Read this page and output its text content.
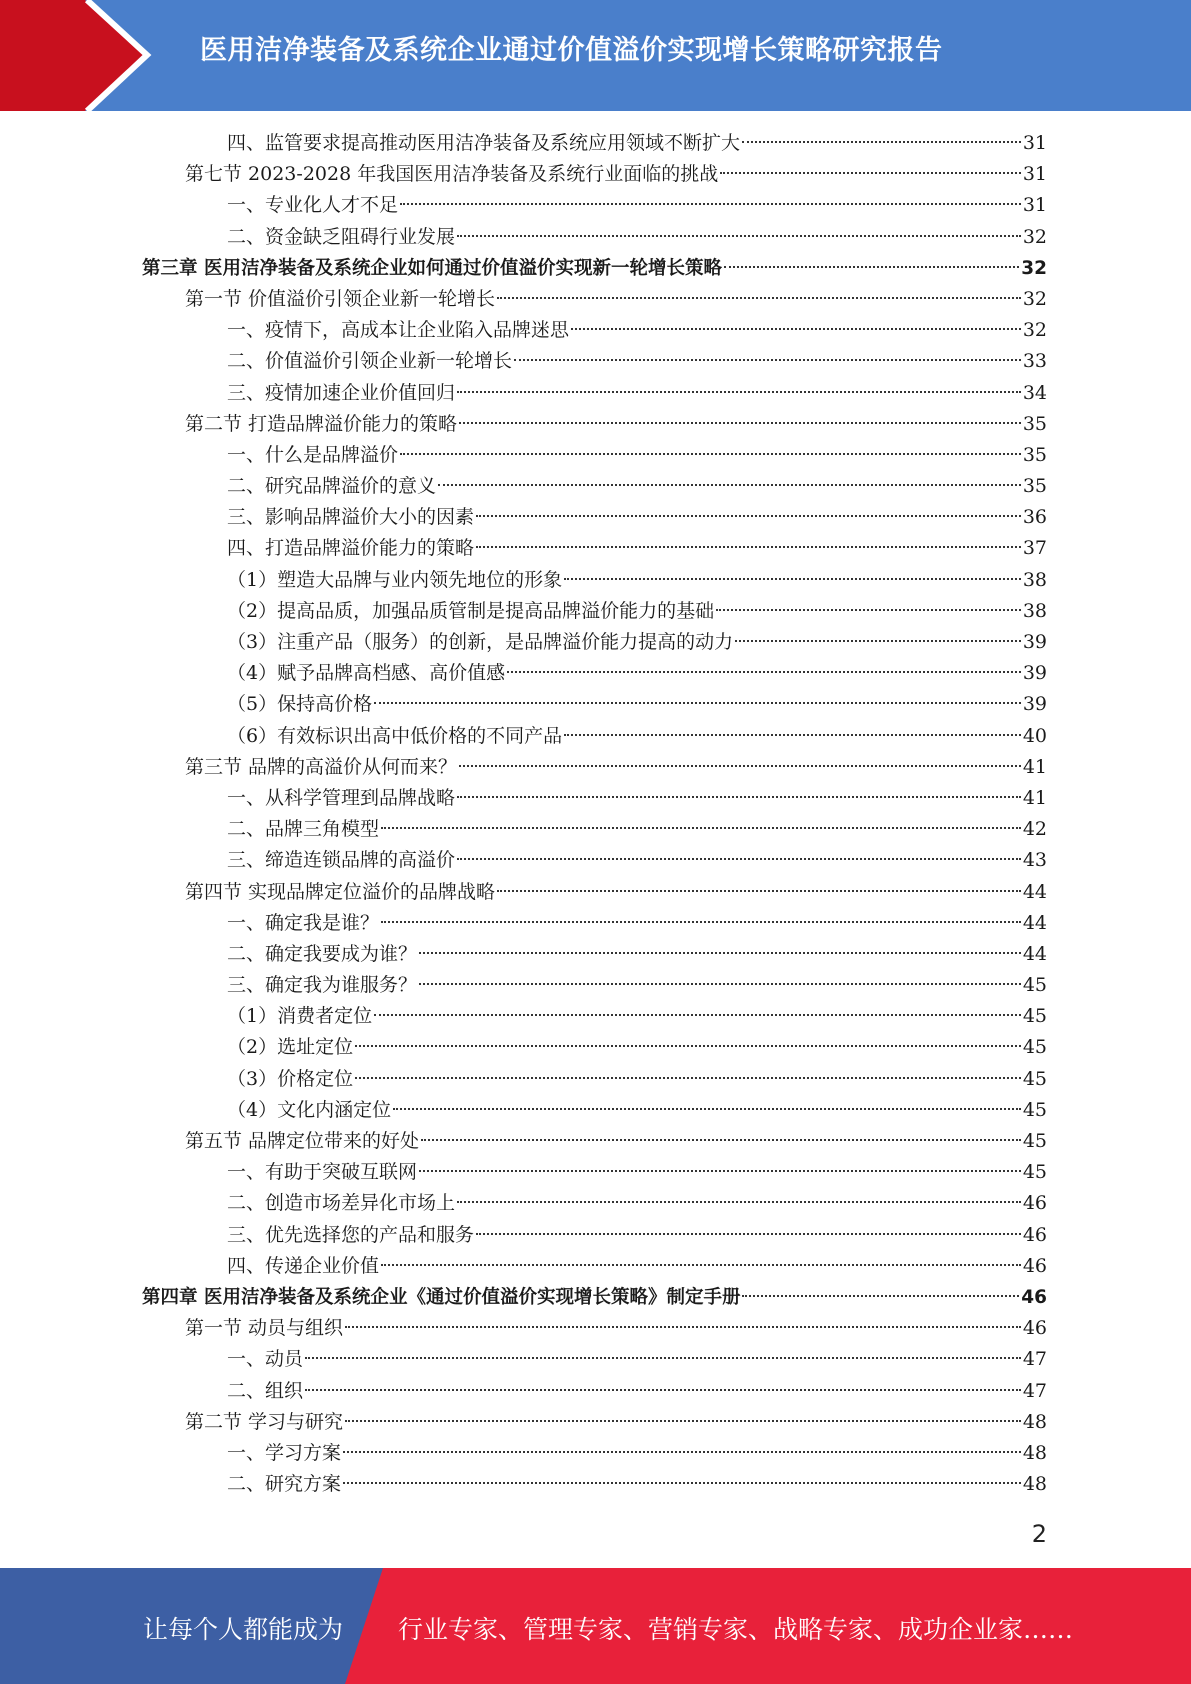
医用洁净装备及系统企业通过价值溢价实现增长策略研究报告
四、监管要求提高推动医用洁净装备及系统应用领域不断扩大	31
第七节 2023-2028 年我国医用洁净装备及系统行业面临的挑战	31
一、专业化人才不足	31
二、资金缺乏阻碍行业发展	32
第三章 医用洁净装备及系统企业如何通过价值溢价实现新一轮增长策略	32
第一节 价值溢价引领企业新一轮增长	32
一、疫情下，高成本让企业陷入品牌迷思	32
二、价值溢价引领企业新一轮增长	33
三、疫情加速企业价值回归	34
第二节 打造品牌溢价能力的策略	35
一、什么是品牌溢价	35
二、研究品牌溢价的意义	35
三、影响品牌溢价大小的因素	36
四、打造品牌溢价能力的策略	37
（1）塑造大品牌与业内领先地位的形象	38
（2）提高品质，加强品质管制是提高品牌溢价能力的基础	38
（3）注重产品（服务）的创新，是品牌溢价能力提高的动力	39
（4）赋予品牌高档感、高价值感	39
（5）保持高价格	39
（6）有效标识出高中低价格的不同产品	40
第三节 品牌的高溢价从何而来？	41
一、从科学管理到品牌战略	41
二、品牌三角模型	42
三、缔造连锁品牌的高溢价	43
第四节 实现品牌定位溢价的品牌战略	44
一、确定我是谁？	44
二、确定我要成为谁？	44
三、确定我为谁服务？	45
（1）消费者定位	45
（2）选址定位	45
（3）价格定位	45
（4）文化内涵定位	45
第五节 品牌定位带来的好处	45
一、有助于突破互联网	45
二、创造市场差异化市场上	46
三、优先选择您的产品和服务	46
四、传递企业价值	46
第四章 医用洁净装备及系统企业《通过价值溢价实现增长策略》制定手册	46
第一节 动员与组织	46
一、动员	47
二、组织	47
第二节 学习与研究	48
一、学习方案	48
二、研究方案	48
2
让每个人都能成为 行业专家、管理专家、营销专家、战略专家、成功企业家……
